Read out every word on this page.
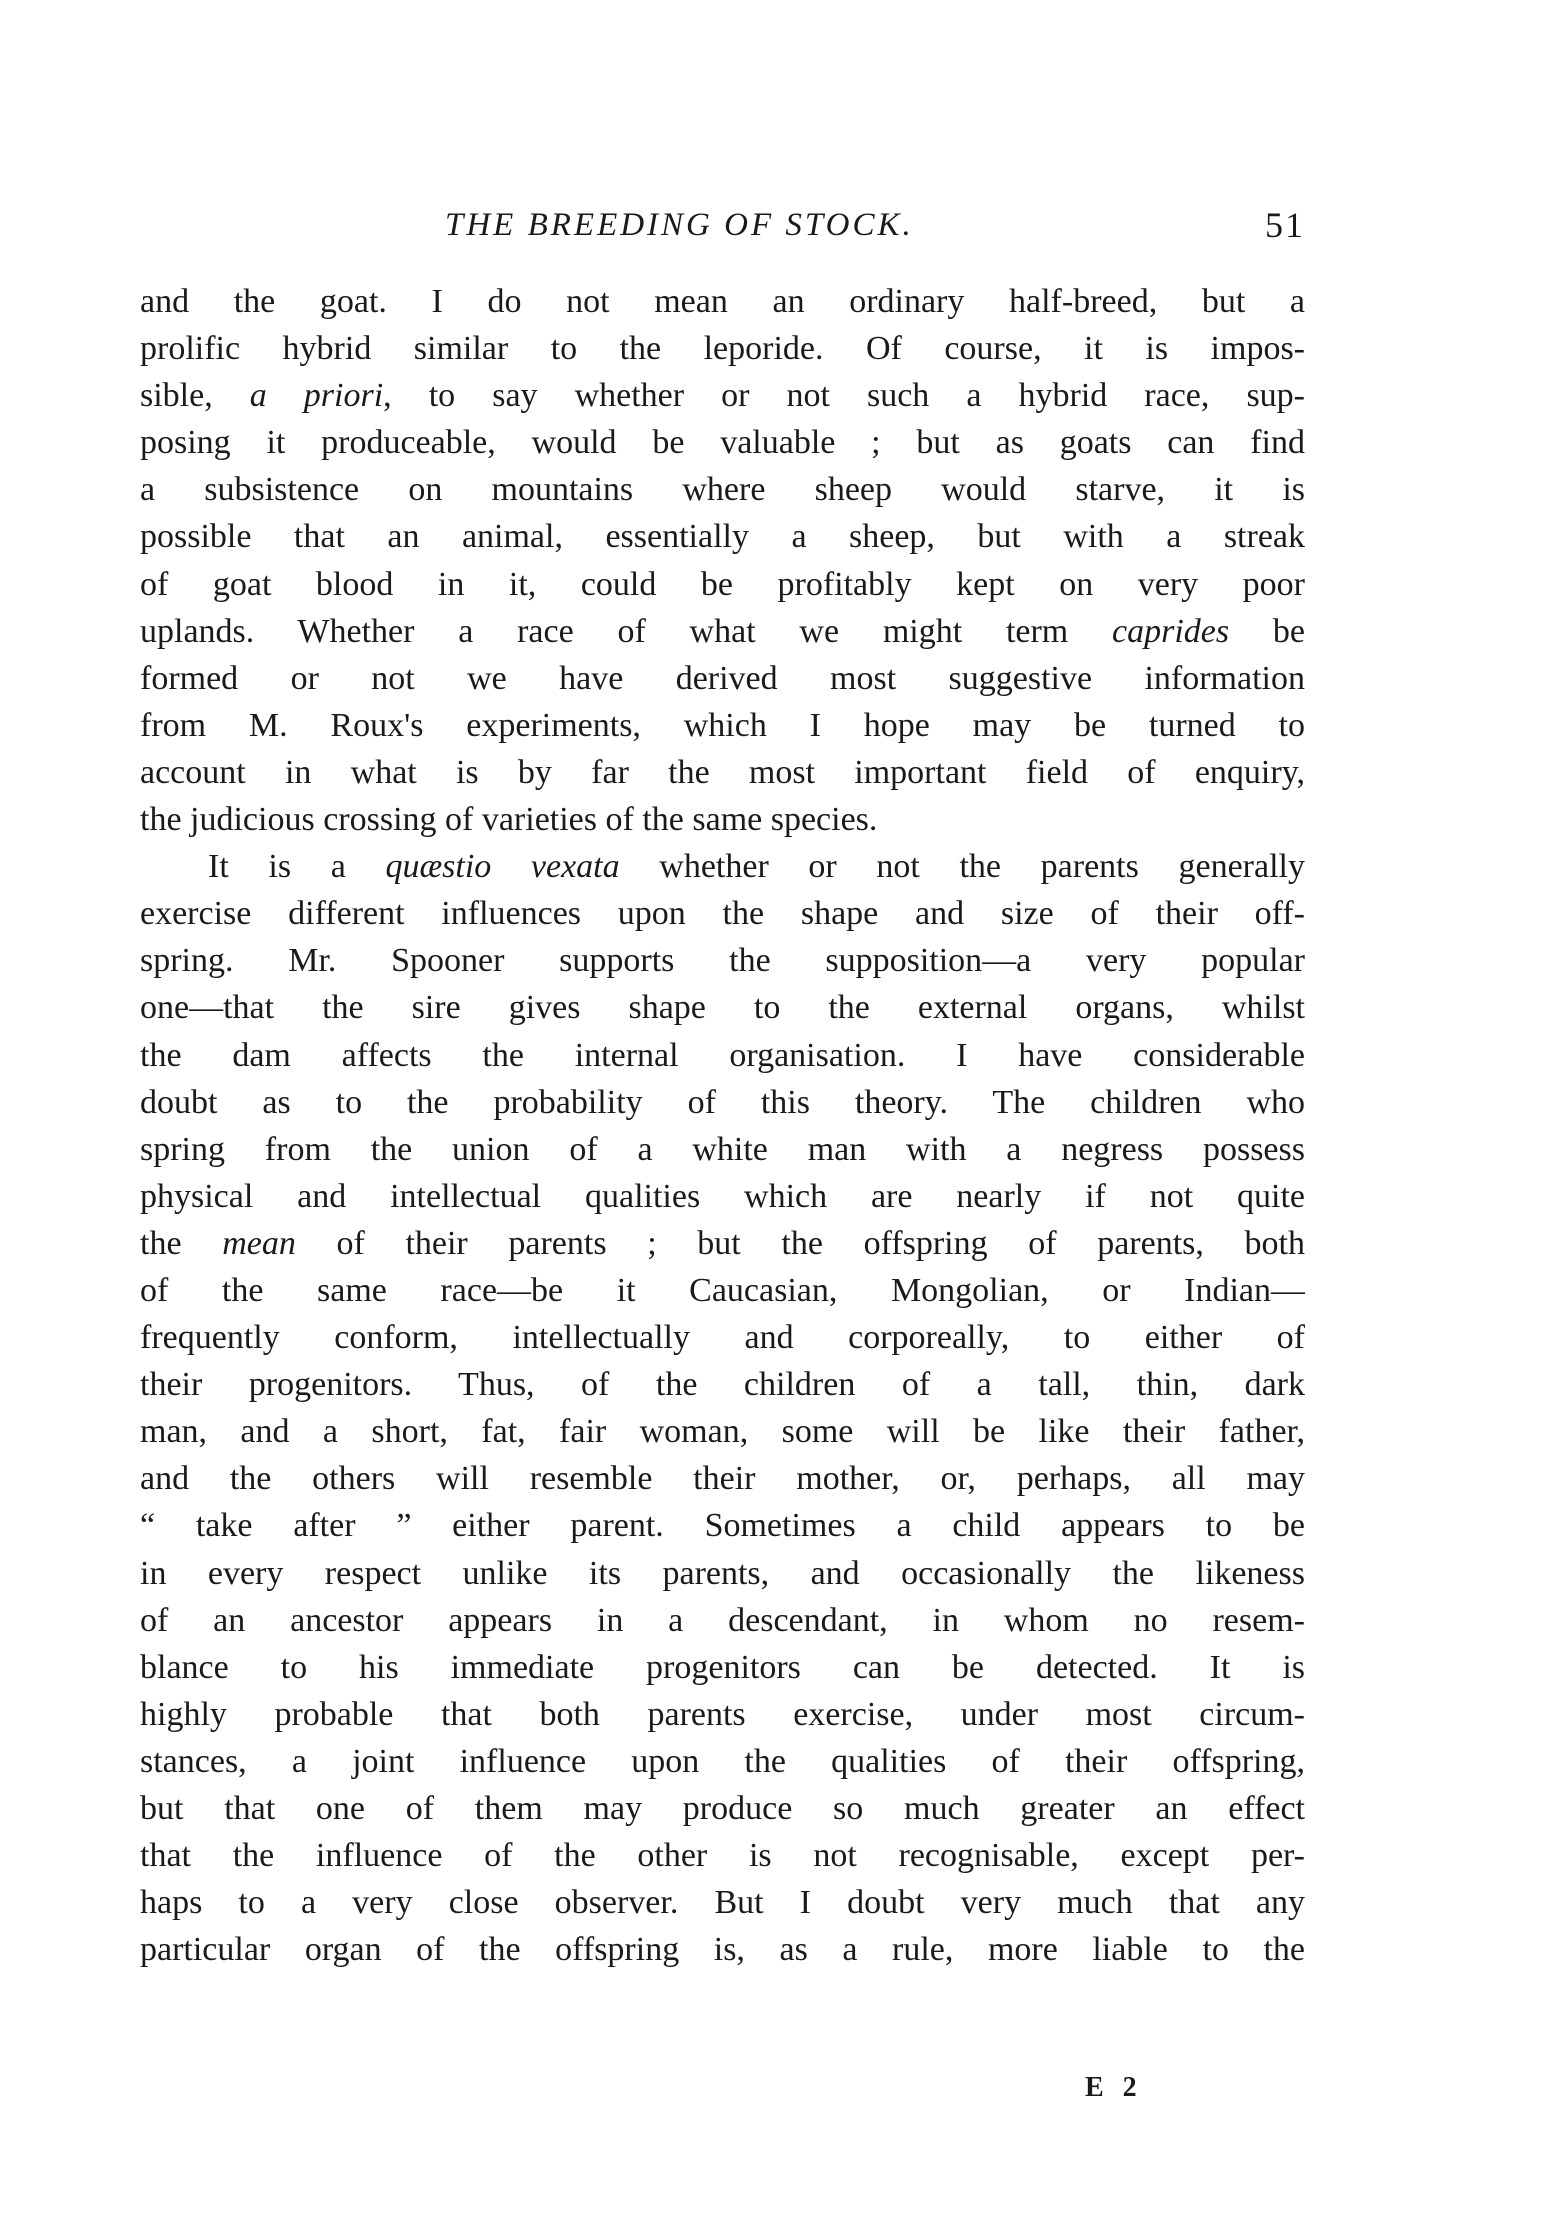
THE BREEDING OF STOCK.	51
and the goat. I do not mean an ordinary half-breed, but a
prolific hybrid similar to the leporide. Of course, it is impos-
sible, a priori, to say whether or not such a hybrid race, sup-
posing it produceable, would be valuable ; but as goats can find
a subsistence on mountains where sheep would starve, it is
possible that an animal, essentially a sheep, but with a streak
of goat blood in it, could be profitably kept on very poor
uplands. Whether a race of what we might term caprides be
formed or not we have derived most suggestive information
from M. Roux's experiments, which I hope may be turned to
account in what is by far the most important field of enquiry,
the judicious crossing of varieties of the same species.
It is a quæstio vexata whether or not the parents generally
exercise different influences upon the shape and size of their off-
spring. Mr. Spooner supports the supposition—a very popular
one—that the sire gives shape to the external organs, whilst
the dam affects the internal organisation. I have considerable
doubt as to the probability of this theory. The children who
spring from the union of a white man with a negress possess
physical and intellectual qualities which are nearly if not quite
the mean of their parents ; but the offspring of parents, both
of the same race—be it Caucasian, Mongolian, or Indian—
frequently conform, intellectually and corporeally, to either of
their progenitors. Thus, of the children of a tall, thin, dark
man, and a short, fat, fair woman, some will be like their father,
and the others will resemble their mother, or, perhaps, all may
“ take after ” either parent. Sometimes a child appears to be
in every respect unlike its parents, and occasionally the likeness
of an ancestor appears in a descendant, in whom no resem-
blance to his immediate progenitors can be detected. It is
highly probable that both parents exercise, under most circum-
stances, a joint influence upon the qualities of their offspring,
but that one of them may produce so much greater an effect
that the influence of the other is not recognisable, except per-
haps to a very close observer. But I doubt very much that any
particular organ of the offspring is, as a rule, more liable to the
E 2
